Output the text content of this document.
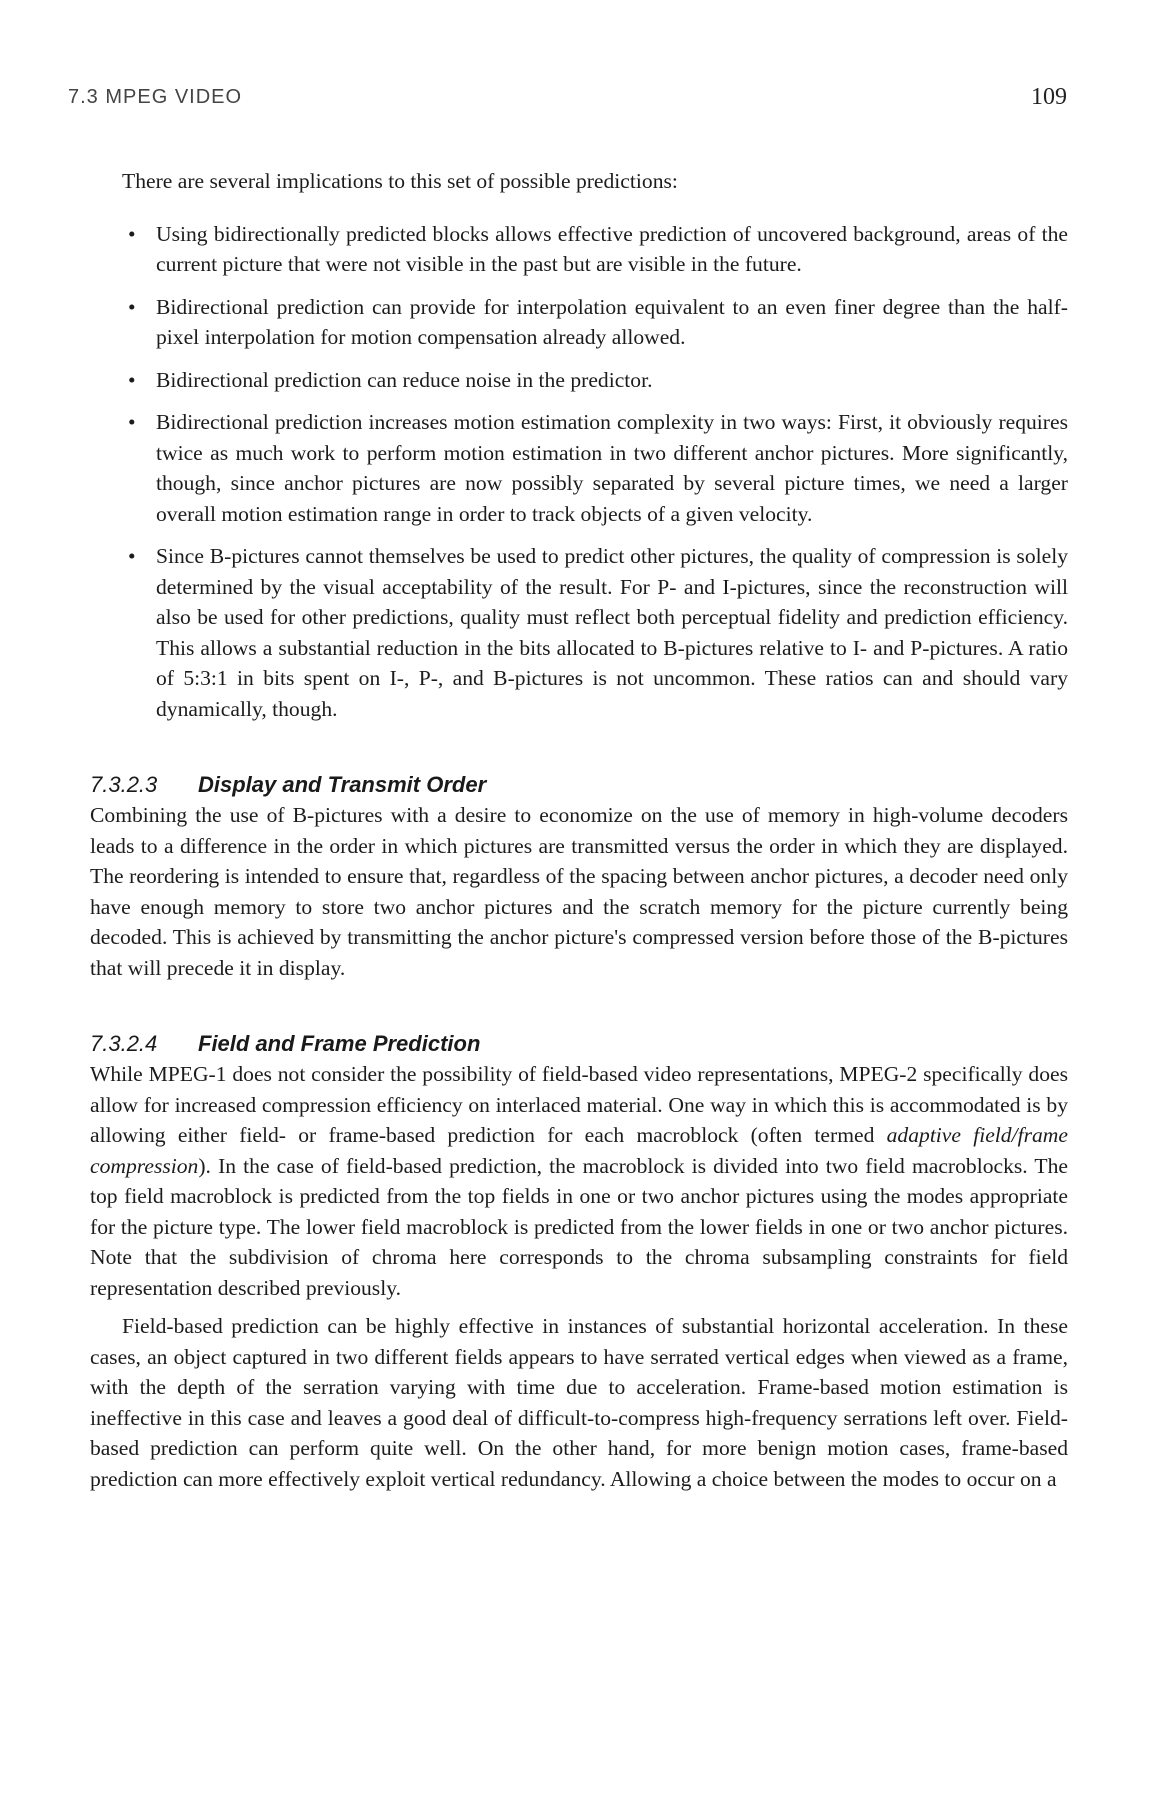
7.3 MPEG VIDEO	109

There are several implications to this set of possible predictions:

• Using bidirectionally predicted blocks allows effective prediction of uncovered background, areas of the current picture that were not visible in the past but are visible in the future.
• Bidirectional prediction can provide for interpolation equivalent to an even finer degree than the half-pixel interpolation for motion compensation already allowed.
• Bidirectional prediction can reduce noise in the predictor.
• Bidirectional prediction increases motion estimation complexity in two ways: First, it obviously requires twice as much work to perform motion estimation in two different anchor pictures. More significantly, though, since anchor pictures are now possibly separated by several picture times, we need a larger overall motion estimation range in order to track objects of a given velocity.
• Since B-pictures cannot themselves be used to predict other pictures, the quality of compression is solely determined by the visual acceptability of the result. For P- and I-pictures, since the reconstruction will also be used for other predictions, quality must reflect both perceptual fidelity and prediction efficiency. This allows a substantial reduction in the bits allocated to B-pictures relative to I- and P-pictures. A ratio of 5:3:1 in bits spent on I-, P-, and B-pictures is not uncommon. These ratios can and should vary dynamically, though.
7.3.2.3 Display and Transmit Order

Combining the use of B-pictures with a desire to economize on the use of memory in high-volume decoders leads to a difference in the order in which pictures are transmitted versus the order in which they are displayed. The reordering is intended to ensure that, regardless of the spacing between anchor pictures, a decoder need only have enough memory to store two anchor pictures and the scratch memory for the picture currently being decoded. This is achieved by transmitting the anchor picture's compressed version before those of the B-pictures that will precede it in display.

7.3.2.4 Field and Frame Prediction

While MPEG-1 does not consider the possibility of field-based video representations, MPEG-2 specifically does allow for increased compression efficiency on interlaced material. One way in which this is accommodated is by allowing either field- or frame-based prediction for each macroblock (often termed adaptive field/frame compression). In the case of field-based prediction, the macroblock is divided into two field macroblocks. The top field macroblock is predicted from the top fields in one or two anchor pictures using the modes appropriate for the picture type. The lower field macroblock is predicted from the lower fields in one or two anchor pictures. Note that the subdivision of chroma here corresponds to the chroma subsampling constraints for field representation described previously.

Field-based prediction can be highly effective in instances of substantial horizontal acceleration. In these cases, an object captured in two different fields appears to have serrated vertical edges when viewed as a frame, with the depth of the serration varying with time due to acceleration. Frame-based motion estimation is ineffective in this case and leaves a good deal of difficult-to-compress high-frequency serrations left over. Field-based prediction can perform quite well. On the other hand, for more benign motion cases, frame-based prediction can more effectively exploit vertical redundancy. Allowing a choice between the modes to occur on a
